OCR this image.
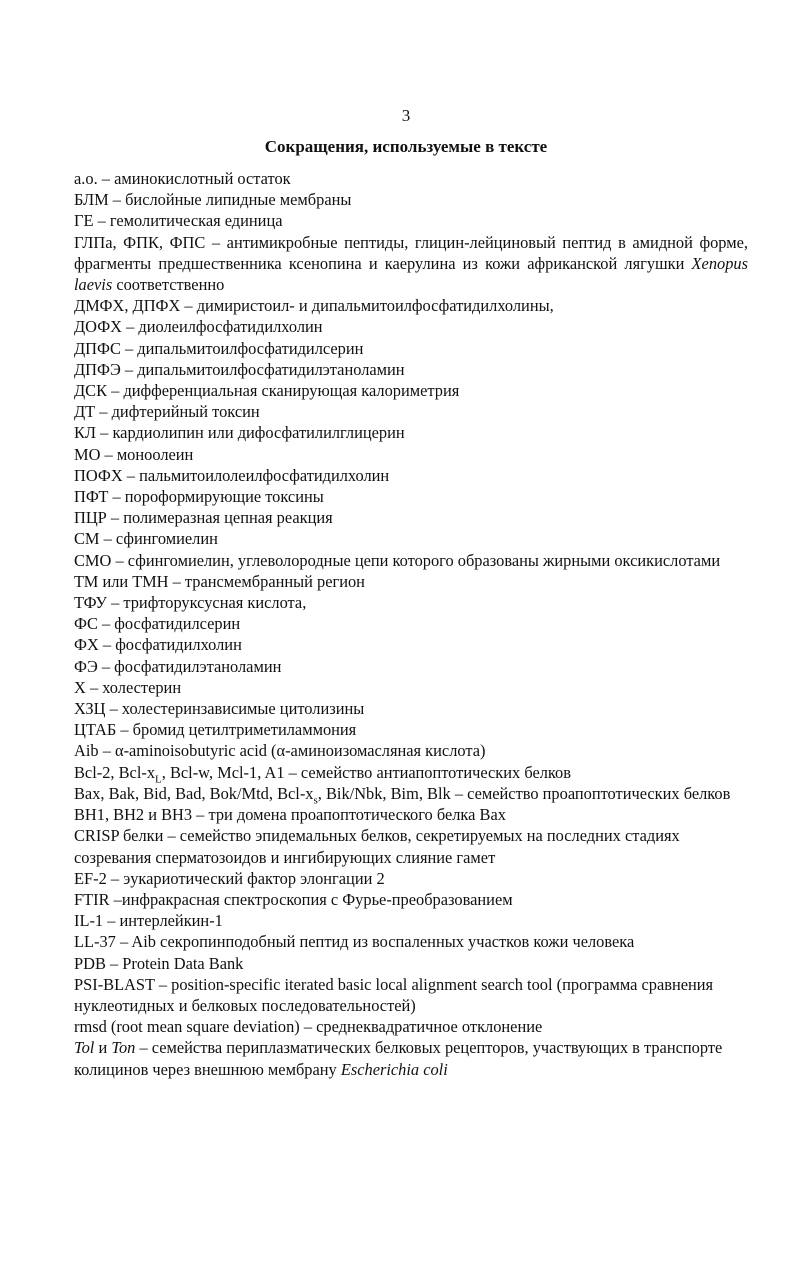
3
Сокращения, используемые в тексте

а.о. – аминокислотный остаток

БЛМ – бислойные липидные мембраны

ГЕ – гемолитическая единица

ГЛПа, ФПК, ФПС – антимикробные пептиды, глицин-лейциновый пептид в амидной форме, фрагменты предшественника ксенопина и каерулина из кожи африканской лягушки Xenopus laevis соответственно

ДМФХ, ДПФХ – димиристоил- и дипальмитоилфосфатидилхолины,

ДОФХ – диолеилфосфатидилхолин

ДПФС – дипальмитоилфосфатидилсерин

ДПФЭ – дипальмитоилфосфатидилэтаноламин

ДСК – дифференциальная сканирующая калориметрия

ДТ – дифтерийный токсин

КЛ – кардиолипин или дифосфатилилглицерин

МО – моноолеин

ПОФХ – пальмитоилолеилфосфатидилхолин

ПФТ – пороформирующие токсины

ПЦР – полимеразная цепная реакция

СМ – сфингомиелин

СМО – сфингомиелин, углеволородные цепи которого образованы жирными оксикислотами

ТМ или ТМН – трансмембранный регион

ТФУ – трифторуксусная кислота,

ФС – фосфатидилсерин

ФХ – фосфатидилхолин

ФЭ – фосфатидилэтаноламин

Х – холестерин

ХЗЦ – холестеринзависимые цитолизины

ЦТАБ – бромид цетилтриметиламмония

Aib – α-aminoisobutyric acid (α-аминоизомасляная кислота)

Bcl-2, Bcl-$x_L$, Bcl-w, Mcl-1, A1 – семейство антиапоптотических белков

Bax, Bak, Bid, Bad, Bok/Mtd, Bcl-$x_s$, Bik/Nbk, Bim, Blk – семейство проапоптотических белков

BH1, BH2 и BH3 – три домена проапоптотического белка Bax

CRISP белки – семейство эпидемальных белков, секретируемых на последних стадиях созревания сперматозоидов и ингибирующих слияние гамет

EF-2 – эукариотический фактор элонгации 2

FTIR –инфракрасная спектроскопия с Фурье-преобразованием

IL-1 – интерлейкин-1

LL-37 – Aib секропинподобный пептид из воспаленных участков кожи человека

PDB – Protein Data Bank

PSI-BLAST – position-specific iterated basic local alignment search tool (программа сравнения нуклеотидных и белковых последовательностей)

rmsd (root mean square deviation) – среднеквадратичное отклонение

Tol и Ton – семейства периплазматических белковых рецепторов, участвующих в транспорте колицинов через внешнюю мембрану Escherichia coli
